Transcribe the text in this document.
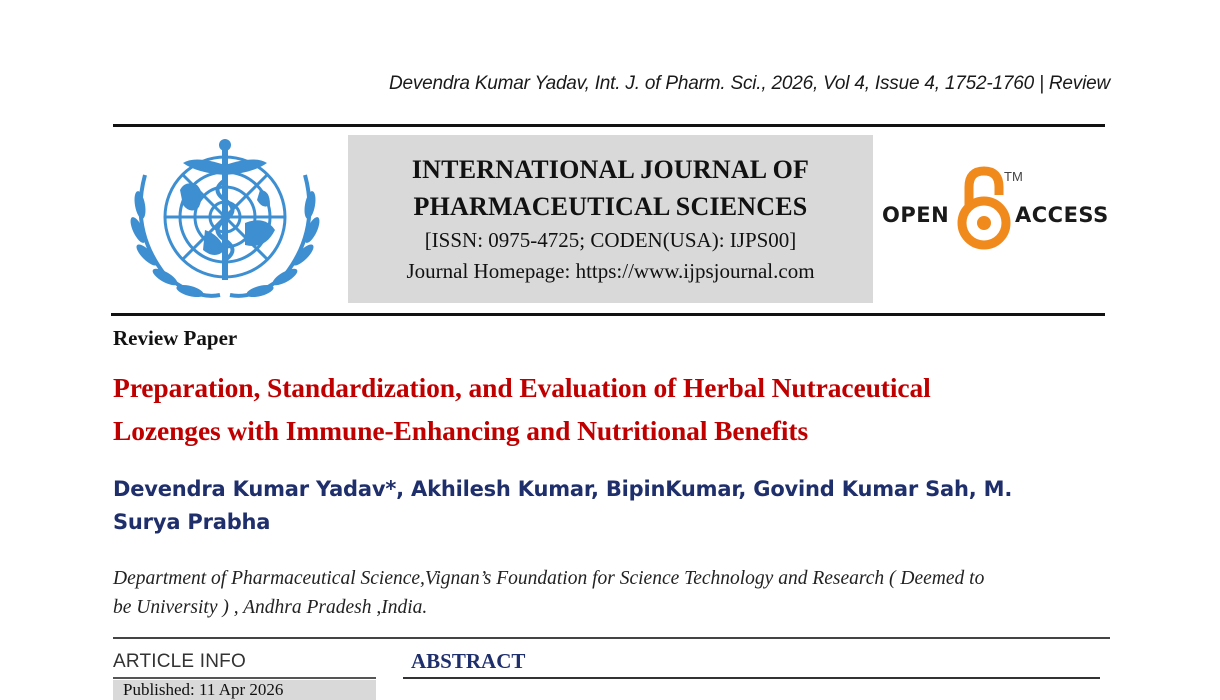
Devendra Kumar Yadav, Int. J. of Pharm. Sci., 2026, Vol 4, Issue 4, 1752-1760 | Review
INTERNATIONAL JOURNAL OF
PHARMACEUTICAL SCIENCES
[ISSN: 0975-4725; CODEN(USA): IJPS00]
Journal Homepage: https://www.ijpsjournal.com
OPEN
TM
ACCESS
Review Paper
Preparation, Standardization, and Evaluation of Herbal Nutraceutical
Lozenges with Immune-Enhancing and Nutritional Benefits
Devendra Kumar Yadav*, Akhilesh Kumar, BipinKumar, Govind Kumar Sah, M.
Surya Prabha
Department of Pharmaceutical Science,Vignan’s Foundation for Science Technology and Research ( Deemed to
be University ) , Andhra Pradesh ,India.
ARTICLE INFO
Published: 11 Apr 2026
ABSTRACT
